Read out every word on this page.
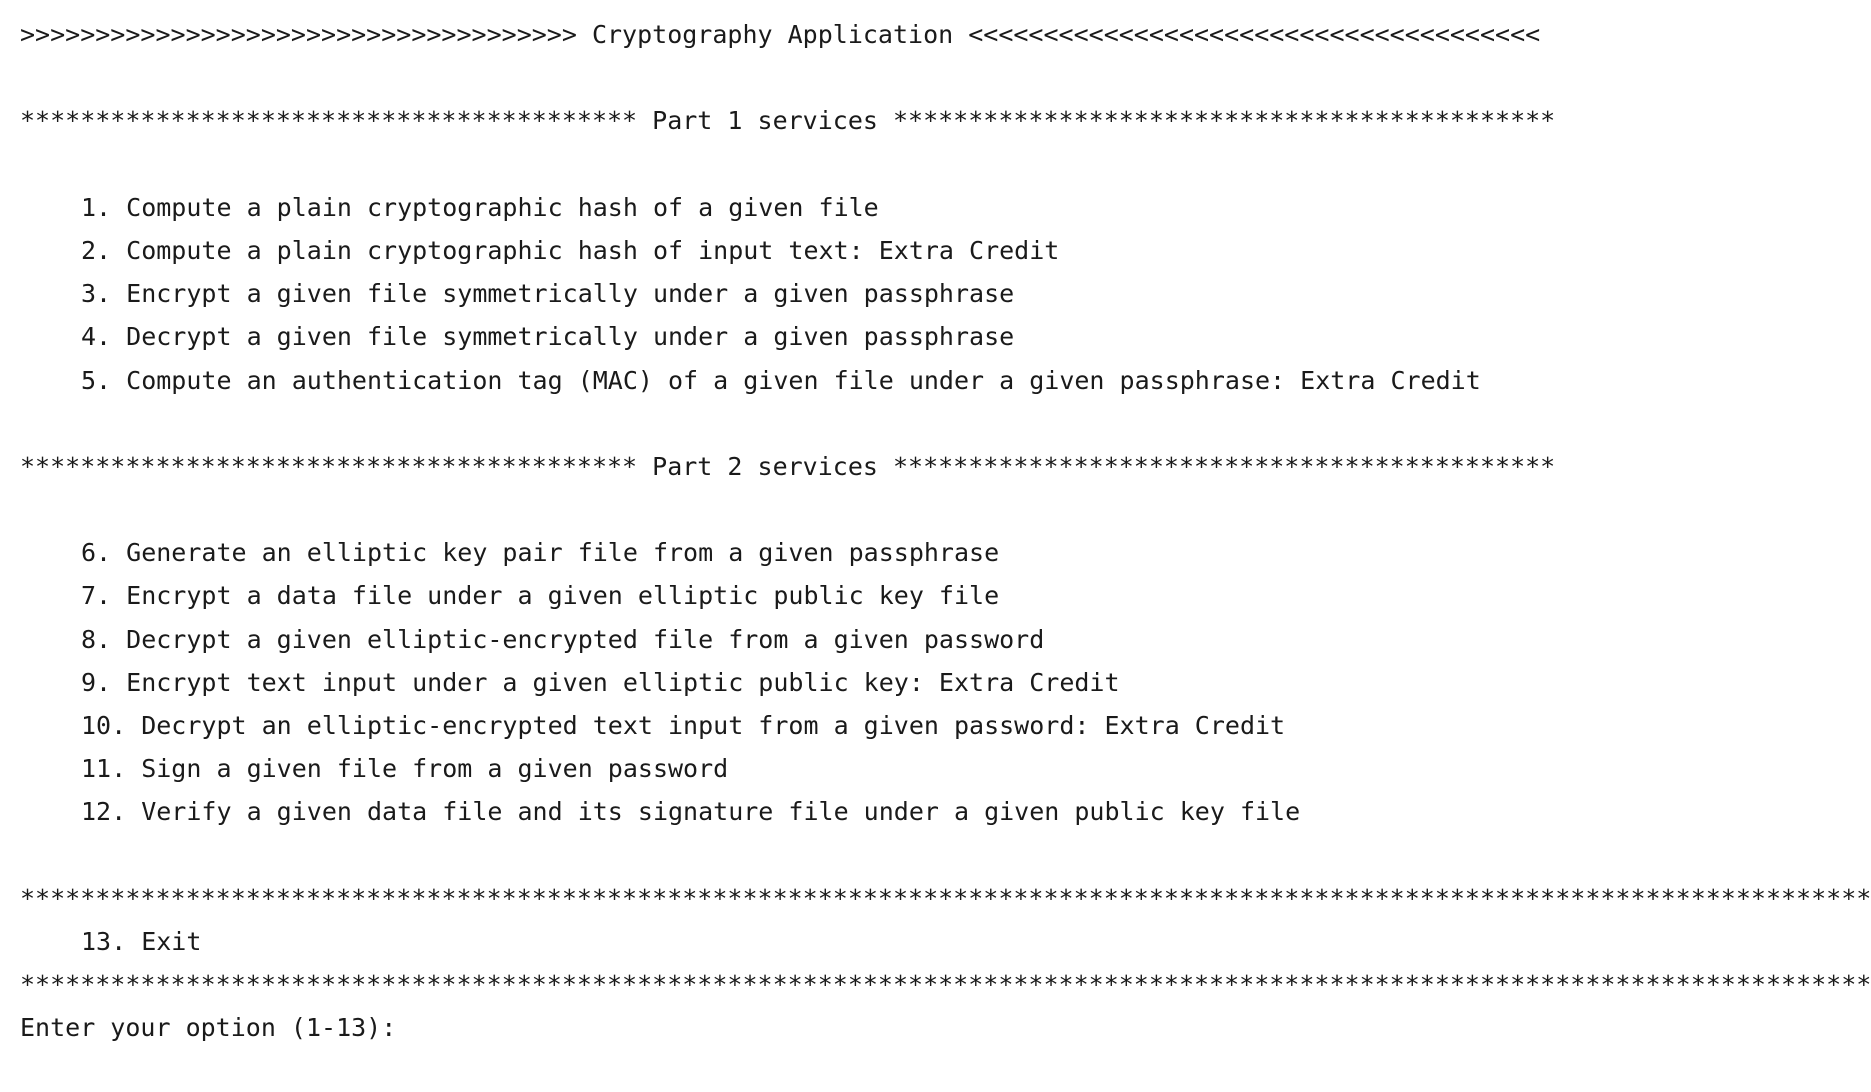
>>>>>>>>>>>>>>>>>>>>>>>>>>>>>>>>>>>>> Cryptography Application <<<<<<<<<<<<<<<<<<<<<<<<<<<<<<<<<<<<<<
***************************************** Part 1 services ********************************************
1. Compute a plain cryptographic hash of a given file
2. Compute a plain cryptographic hash of input text: Extra Credit
3. Encrypt a given file symmetrically under a given passphrase
4. Decrypt a given file symmetrically under a given passphrase
5. Compute an authentication tag (MAC) of a given file under a given passphrase: Extra Credit
***************************************** Part 2 services ********************************************
6. Generate an elliptic key pair file from a given passphrase
7. Encrypt a data file under a given elliptic public key file
8. Decrypt a given elliptic-encrypted file from a given password
9. Encrypt text input under a given elliptic public key: Extra Credit
10. Decrypt an elliptic-encrypted text input from a given password: Extra Credit
11. Sign a given file from a given password
12. Verify a given data file and its signature file under a given public key file
***************************************************************************************************************************
13. Exit
***************************************************************************************************************************
Enter your option (1-13):
